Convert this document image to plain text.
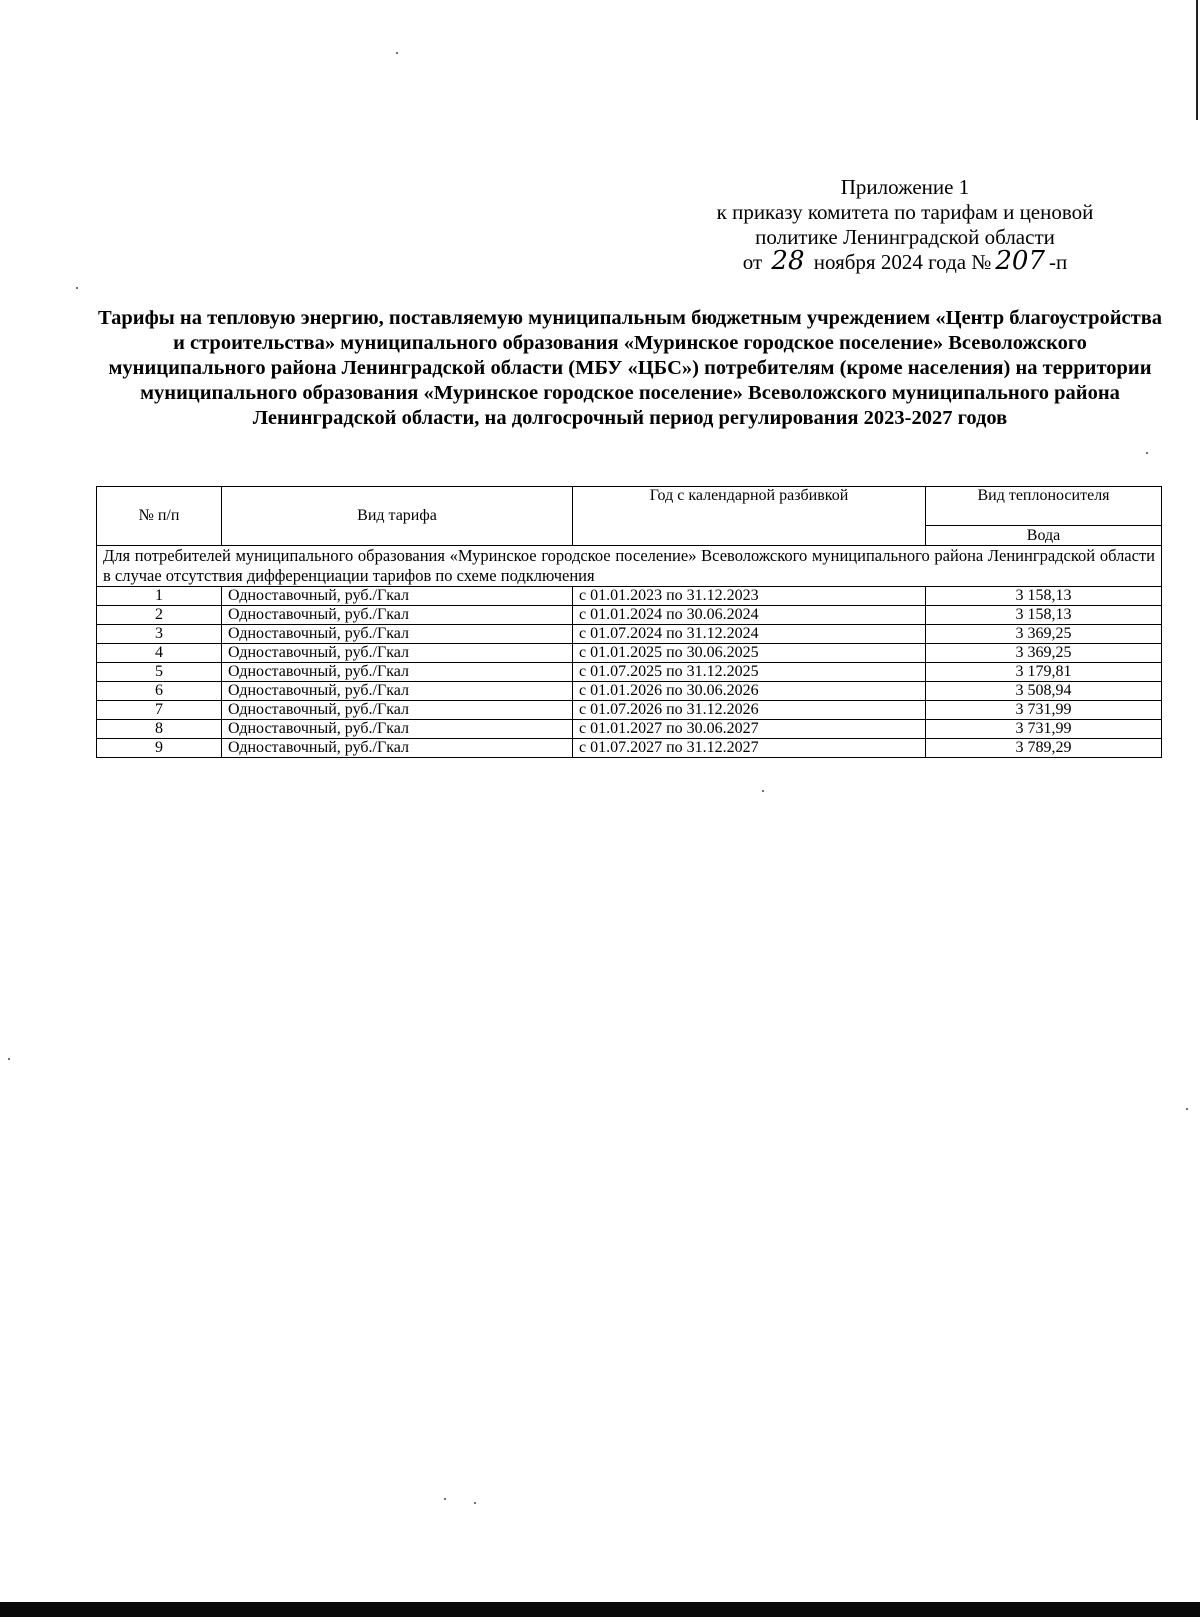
Приложение 1
к приказу комитета по тарифам и ценовой
политике Ленинградской области
от 28 ноября 2024 года № 207 -п
Тарифы на тепловую энергию, поставляемую муниципальным бюджетным учреждением «Центр благоустройства и строительства» муниципального образования «Муринское городское поселение» Всеволожского муниципального района Ленинградской области (МБУ «ЦБС») потребителям (кроме населения) на территории муниципального образования «Муринское городское поселение» Всеволожского муниципального района Ленинградской области, на долгосрочный период регулирования 2023-2027 годов
№ п/п	Вид тарифа	Год с календарной разбивкой	Вид теплоносителя
			Вода
Для потребителей муниципального образования «Муринское городское поселение» Всеволожского муниципального района Ленинградской области в случае отсутствия дифференциации тарифов по схеме подключения			
1	Одноставочный, руб./Гкал	с 01.01.2023 по 31.12.2023	3 158,13
2	Одноставочный, руб./Гкал	с 01.01.2024 по 30.06.2024	3 158,13
3	Одноставочный, руб./Гкал	с 01.07.2024 по 31.12.2024	3 369,25
4	Одноставочный, руб./Гкал	с 01.01.2025 по 30.06.2025	3 369,25
5	Одноставочный, руб./Гкал	с 01.07.2025 по 31.12.2025	3 179,81
6	Одноставочный, руб./Гкал	с 01.01.2026 по 30.06.2026	3 508,94
7	Одноставочный, руб./Гкал	с 01.07.2026 по 31.12.2026	3 731,99
8	Одноставочный, руб./Гкал	с 01.01.2027 по 30.06.2027	3 731,99
9	Одноставочный, руб./Гкал	с 01.07.2027 по 31.12.2027	3 789,29
